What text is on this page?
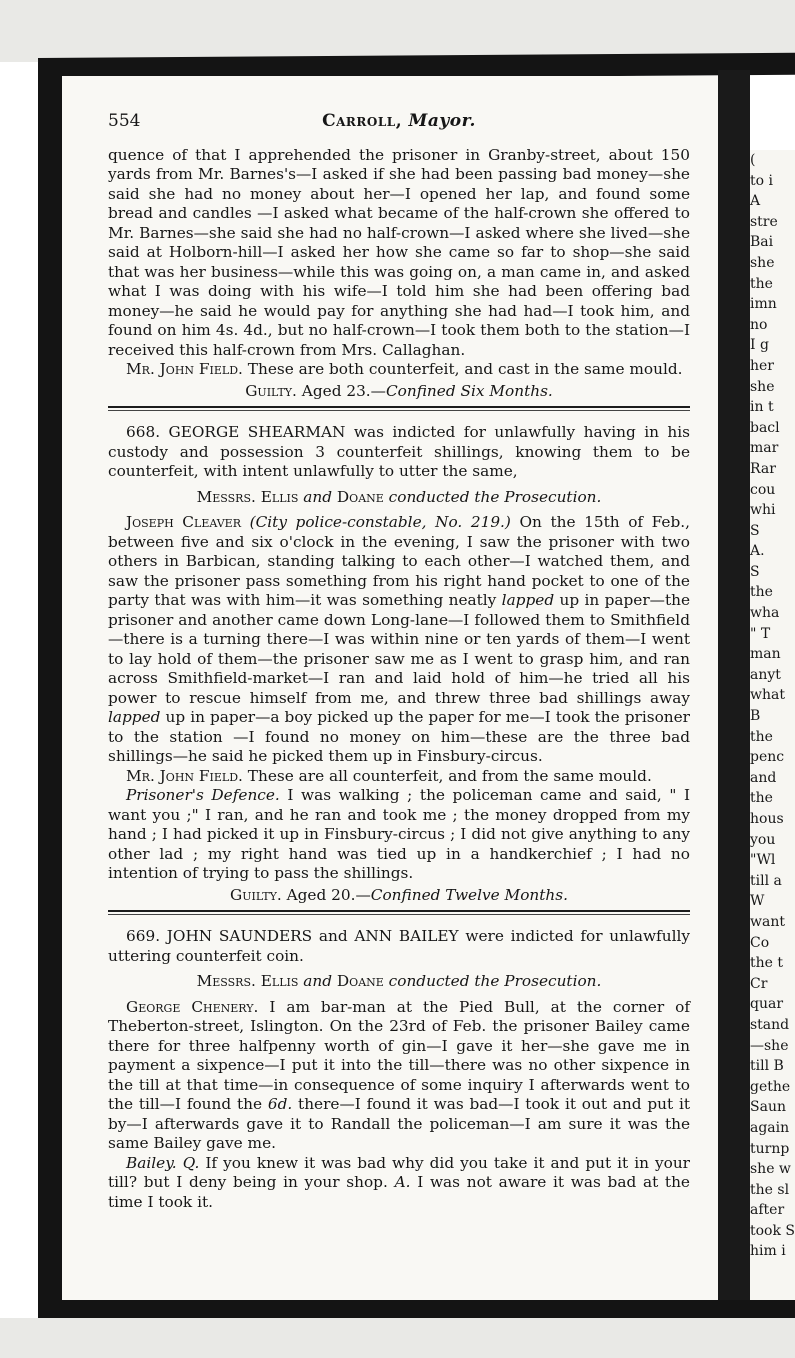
554	Carroll, Mayor.

quence of that I apprehended the prisoner in Granby-street, about 150 yards from Mr. Barnes's—I asked if she had been passing bad money—she said she had no money about her—I opened her lap, and found some bread and candles —I asked what became of the half-crown she offered to Mr. Barnes—she said she had no half-crown—I asked where she lived—she said at Holborn-hill—I asked her how she came so far to shop—she said that was her business—while this was going on, a man came in, and asked what I was doing with his wife—I told him she had been offering bad money—he said he would pay for anything she had had—I took him, and found on him 4s. 4d., but no half-crown—I took them both to the station—I received this half-crown from Mrs. Callaghan.

Mr. John Field. These are both counterfeit, and cast in the same mould.

Guilty. Aged 23.—Confined Six Months.

668. GEORGE SHEARMAN was indicted for unlawfully having in his custody and possession 3 counterfeit shillings, knowing them to be counterfeit, with intent unlawfully to utter the same,

Messrs. Ellis and Doane conducted the Prosecution.

Joseph Cleaver (City police-constable, No. 219.) On the 15th of Feb., between five and six o'clock in the evening, I saw the prisoner with two others in Barbican, standing talking to each other—I watched them, and saw the prisoner pass something from his right hand pocket to one of the party that was with him—it was something neatly lapped up in paper—the prisoner and another came down Long-lane—I followed them to Smithfield—there is a turning there—I was within nine or ten yards of them—I went to lay hold of them—the prisoner saw me as I went to grasp him, and ran across Smithfield-market—I ran and laid hold of him—he tried all his power to rescue himself from me, and threw three bad shillings away lapped up in paper—a boy picked up the paper for me—I took the prisoner to the station —I found no money on him—these are the three bad shillings—he said he picked them up in Finsbury-circus.

Mr. John Field. These are all counterfeit, and from the same mould.

Prisoner's Defence. I was walking ; the policeman came and said, " I want you ;" I ran, and he ran and took me ; the money dropped from my hand ; I had picked it up in Finsbury-circus ; I did not give anything to any other lad ; my right hand was tied up in a handkerchief ; I had no intention of trying to pass the shillings.

Guilty. Aged 20.—Confined Twelve Months.

669. JOHN SAUNDERS and ANN BAILEY were indicted for unlawfully uttering counterfeit coin.

Messrs. Ellis and Doane conducted the Prosecution.

George Chenery. I am bar-man at the Pied Bull, at the corner of Theberton-street, Islington. On the 23rd of Feb. the prisoner Bailey came there for three halfpenny worth of gin—I gave it her—she gave me in payment a sixpence—I put it into the till—there was no other sixpence in the till at that time—in consequence of some inquiry I afterwards went to the till—I found the 6d. there—I found it was bad—I took it out and put it by—I afterwards gave it to Randall the policeman—I am sure it was the same Bailey gave me.

Bailey. Q. If you knew it was bad why did you take it and put it in your till? but I deny being in your shop. A. I was not aware it was bad at the time I took it.

(
to i
A
stre
Bai
she
the
imn
no
I g
her
she
in t
bacl
mar
Rar
cou
whi
S
A.
S
the
wha
" T
man
anyt
what
B
the
penc
and
the
hous
you
"Wl
till a
W
want
Co
the t
Cr
quar
stand
—she
till B
gethe
Saun
again
turnp
she w
the sl
after
took S
him i
